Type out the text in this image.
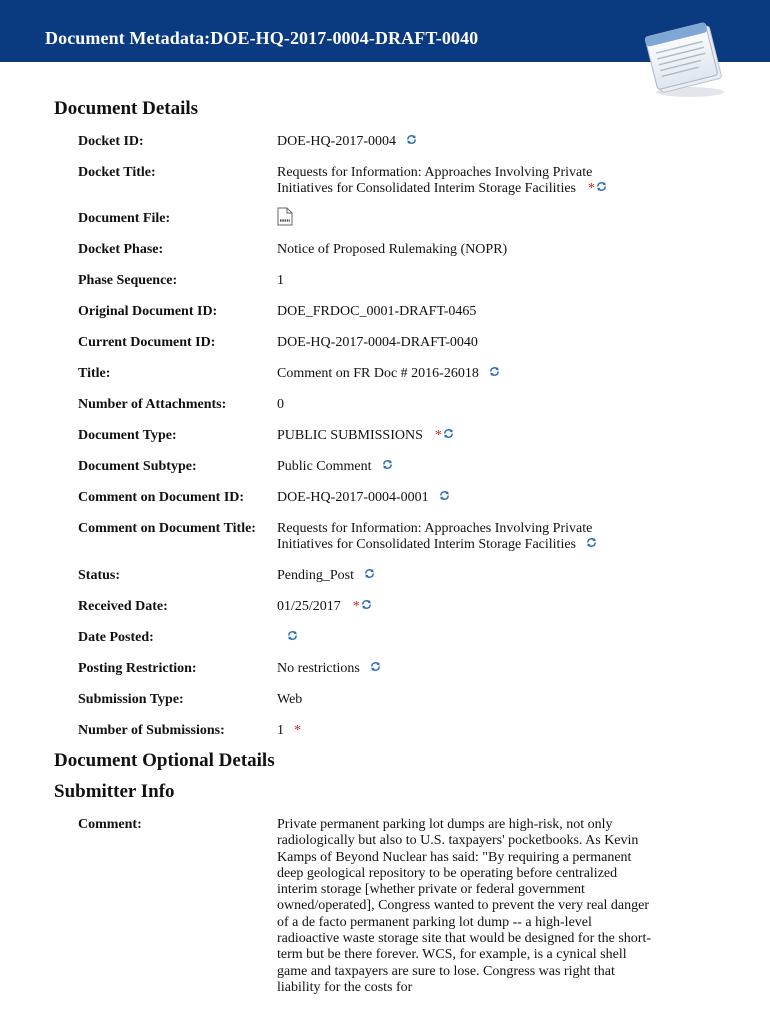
Document Metadata:DOE-HQ-2017-0004-DRAFT-0040
Document Details
Docket ID:	DOE-HQ-2017-0004
Docket Title:	Requests for Information: Approaches Involving Private Initiatives for Consolidated Interim Storage Facilities *
Document File:
Docket Phase:	Notice of Proposed Rulemaking (NOPR)
Phase Sequence:	1
Original Document ID:	DOE_FRDOC_0001-DRAFT-0465
Current Document ID:	DOE-HQ-2017-0004-DRAFT-0040
Title:	Comment on FR Doc # 2016-26018
Number of Attachments:	0
Document Type:	PUBLIC SUBMISSIONS *
Document Subtype:	Public Comment
Comment on Document ID: DOE-HQ-2017-0004-0001
Comment on Document Title: Requests for Information: Approaches Involving Private Initiatives for Consolidated Interim Storage Facilities
Status:	Pending_Post
Received Date:	01/25/2017 *
Date Posted:
Posting Restriction:	No restrictions
Submission Type:	Web
Number of Submissions:	1 *
Document Optional Details
Submitter Info
Comment:	Private permanent parking lot dumps are high-risk, not only radiologically but also to U.S. taxpayers' pocketbooks. As Kevin Kamps of Beyond Nuclear has said: "By requiring a permanent deep geological repository to be operating before centralized interim storage [whether private or federal government owned/operated], Congress wanted to prevent the very real danger of a de facto permanent parking lot dump -- a high-level radioactive waste storage site that would be designed for the short-term but be there forever. WCS, for example, is a cynical shell game and taxpayers are sure to lose. Congress was right that liability for the costs for
